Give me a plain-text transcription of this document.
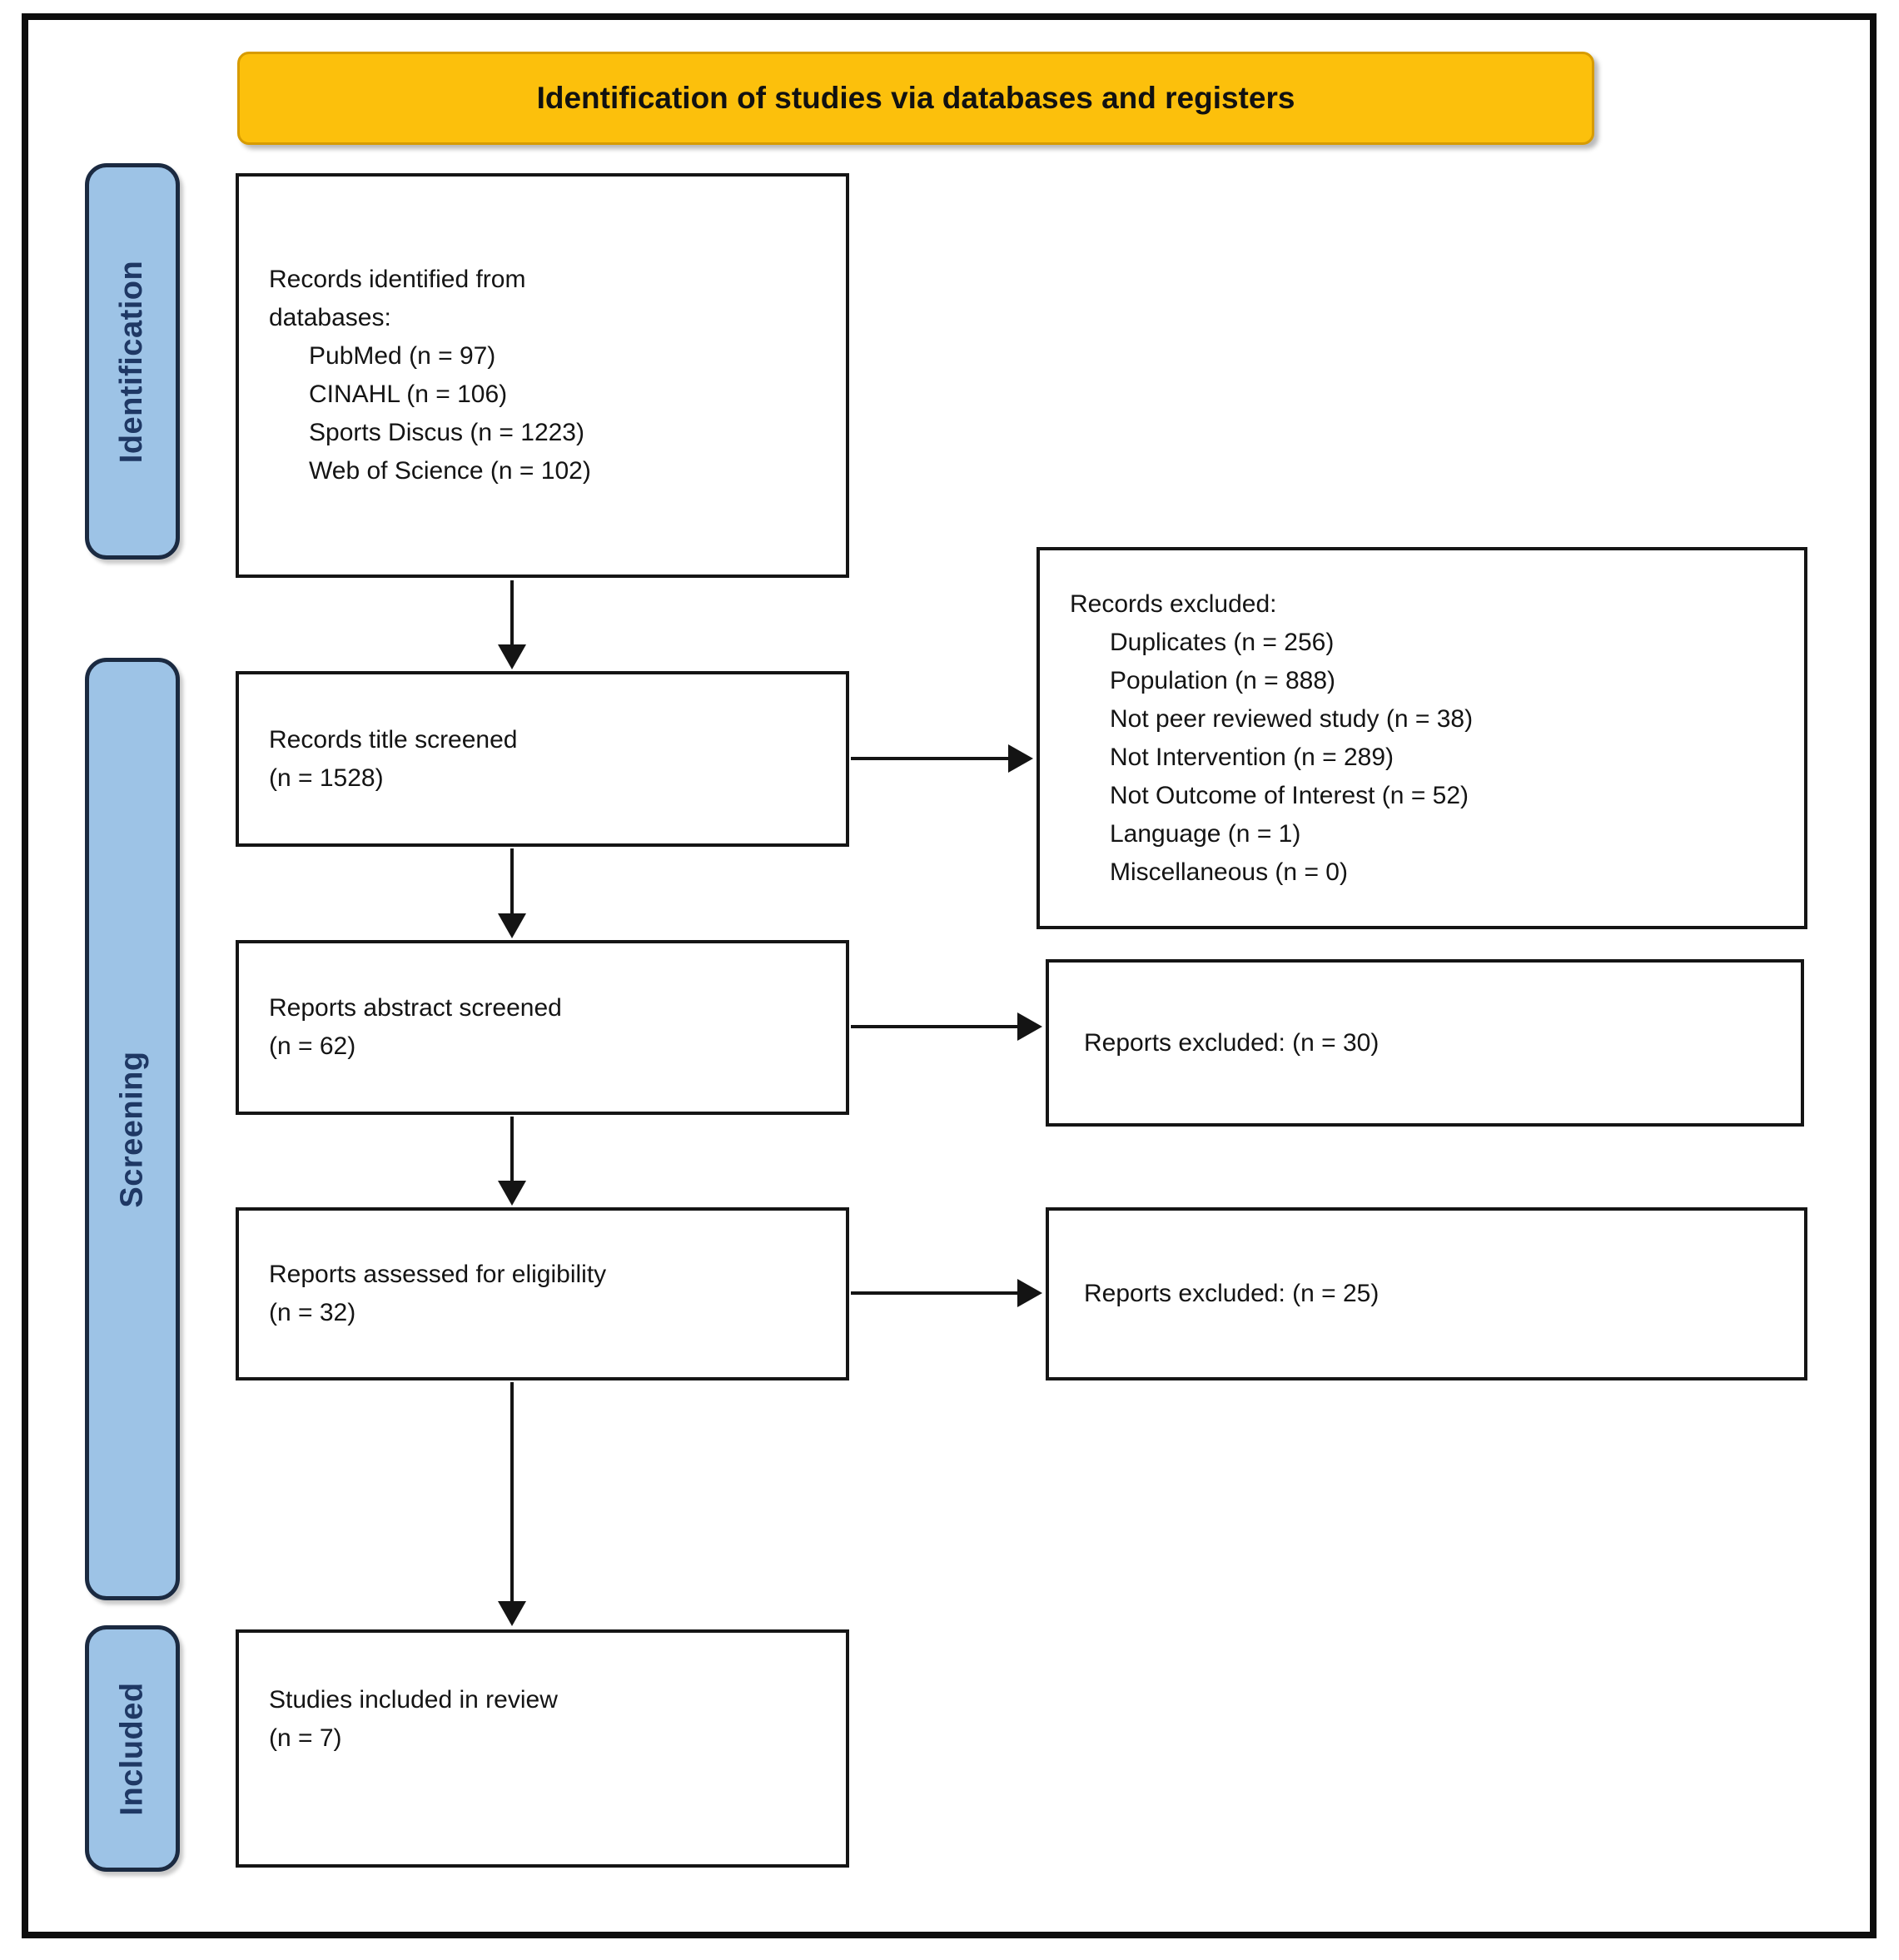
Identification of studies via databases and registers
Identification
Screening
Included
Records identified from
databases:
PubMed (n = 97)
CINAHL (n = 106)
Sports Discus (n = 1223)
Web of Science (n = 102)
Records excluded:
Duplicates (n = 256)
Population (n = 888)
Not peer reviewed study (n = 38)
Not Intervention (n = 289)
Not Outcome of Interest (n = 52)
Language (n = 1)
Miscellaneous (n = 0)
Records title screened
(n = 1528)
Reports abstract screened
(n = 62)	Reports excluded: (n = 30)
Reports assessed for eligibility
(n = 32)
Reports excluded: (n = 25)
Studies included in review
(n = 7)
